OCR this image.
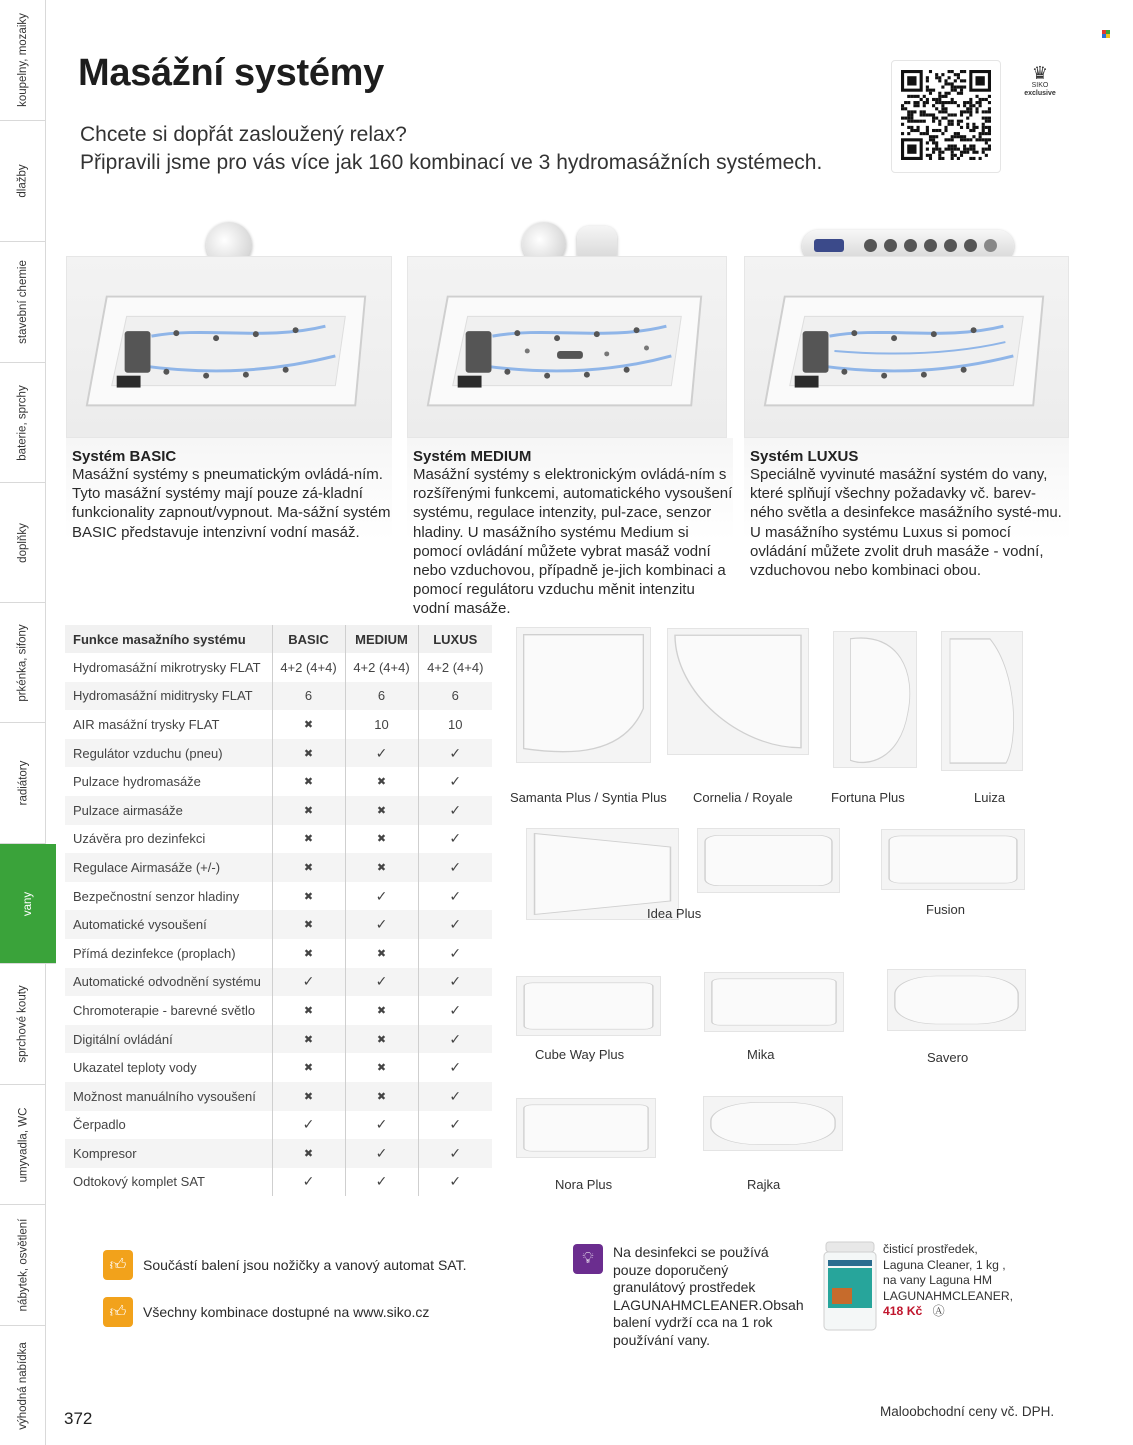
koupelny, mozaiky
dlažby
stavební chemie
baterie, sprchy
doplňky
prkénka, sifony
radiátory
vany
sprchové kouty
umyvadla, WC
nábytek, osvětlení
výhodná nabídka
Masážní systémy
Chcete si dopřát zasloužený relax?
Připravili jsme pro vás více jak 160 kombinací ve 3 hydromasážních systémech.
♛
SIKO
exclusive
Systém BASIC

Masážní systémy s pneumatickým ovládá-ním. Tyto masážní systémy mají pouze zá-kladní funkcionality zapnout/vypnout. Ma-sážní systém BASIC představuje intenzivní vodní masáž.

Systém MEDIUM

Masážní systémy s elektronickým ovládá-ním s rozšířenými funkcemi, automatického vysoušení systému, regulace intenzity, pul-zace, senzor hladiny. U masážního systému Medium si pomocí ovládání můžete vybrat masáž vodní nebo vzduchovou, případně je-jich kombinaci a pomocí regulátoru vzduchu měnit intenzitu vodní masáže.

Systém LUXUS

Speciálně vyvinuté masážní systém do vany, které splňují všechny požadavky vč. barev-ného světla a desinfekce masážního systé-mu. U masážního systému Luxus si pomocí ovládání můžete zvolit druh masáže - vodní, vzduchovou nebo kombinaci obou.

Funkce masažního systému	BASIC	MEDIUM	LUXUS
Hydromasážní mikrotrysky FLAT	4+2 (4+4)	4+2 (4+4)	4+2 (4+4)
Hydromasážní miditrysky FLAT	6	6	6
AIR masážní trysky FLAT	✖	10	10
Regulátor vzduchu (pneu)	✖	✓	✓
Pulzace hydromasáže	✖	✖	✓
Pulzace airmasáže	✖	✖	✓
Uzávěra pro dezinfekci	✖	✖	✓
Regulace Airmasáže (+/-)	✖	✖	✓
Bezpečnostní senzor hladiny	✖	✓	✓
Automatické vysoušení	✖	✓	✓
Přímá dezinfekce (proplach)	✖	✖	✓
Automatické odvodnění systému	✓	✓	✓
Chromoterapie - barevné světlo	✖	✖	✓
Digitální ovládání	✖	✖	✓
Ukazatel teploty vody	✖	✖	✓
Možnost manuálního vysoušení	✖	✖	✓
Čerpadlo	✓	✓	✓
Kompresor	✖	✓	✓
Odtokový komplet SAT	✓	✓	✓
Samanta Plus / Syntia Plus Cornelia / Royale	Fortuna Plus	Luiza
Idea Plus	Fusion
Cube Way Plus	Mika	Savero
Nora Plus	Rajka
👍︎	Součástí balení jsou nožičky a vanový automat SAT.
👍︎	Všechny kombinace dostupné na www.siko.cz
💡︎	Na desinfekci se používá pouze doporučený granulátový prostředek LAGUNAHMCLEANER.Obsah balení vydrží cca na 1 rok používání vany.
čisticí prostředek, Laguna Cleaner, 1 kg , na vany Laguna HM LAGUNAHMCLEANER,
418 Kč Ⓐ
372	Maloobchodní ceny vč. DPH.
